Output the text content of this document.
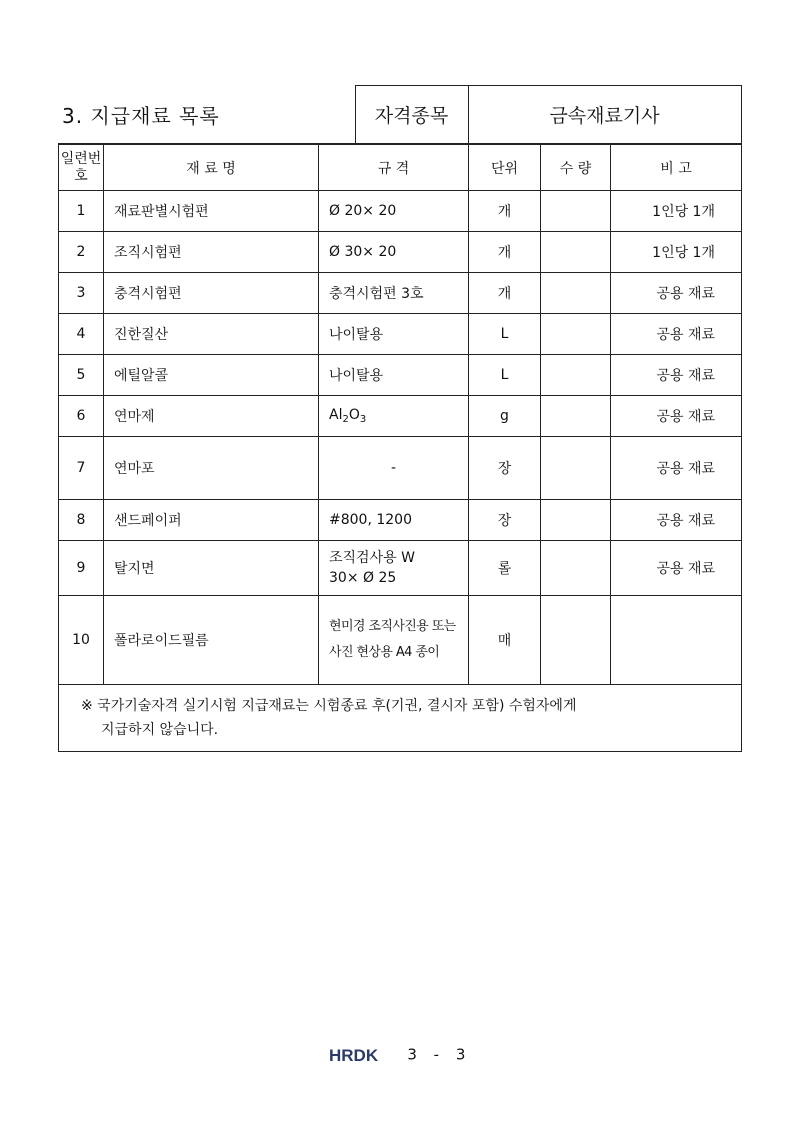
3. 지급재료 목록	자격종목	금속재료기사
일련번
호	재 료 명	규 격	단위	수 량	비 고
1	재료판별시험편	Ø 20× 20	개		1인당 1개
2	조직시험편	Ø 30× 20	개		1인당 1개
3	충격시험편	충격시험편 3호	개		공용 재료
4	진한질산	나이탈용	L		공용 재료
5	에틸알콜	나이탈용	L		공용 재료
6	연마제	$Al_2O_3$	g		공용 재료
7	연마포	-	장		공용 재료
8	샌드페이퍼	#800, 1200	장		공용 재료
9	탈지면	조직검사용 W
30× Ø 25	롤		공용 재료
10	폴라로이드필름	현미경 조직사진용 또는
사진 현상용 A4 종이	매		

※ 국가기술자격 실기시험 지급재료는 시험종료 후(기권, 결시자 포함) 수험자에게
지급하지 않습니다.					
HRDK 3 - 3
